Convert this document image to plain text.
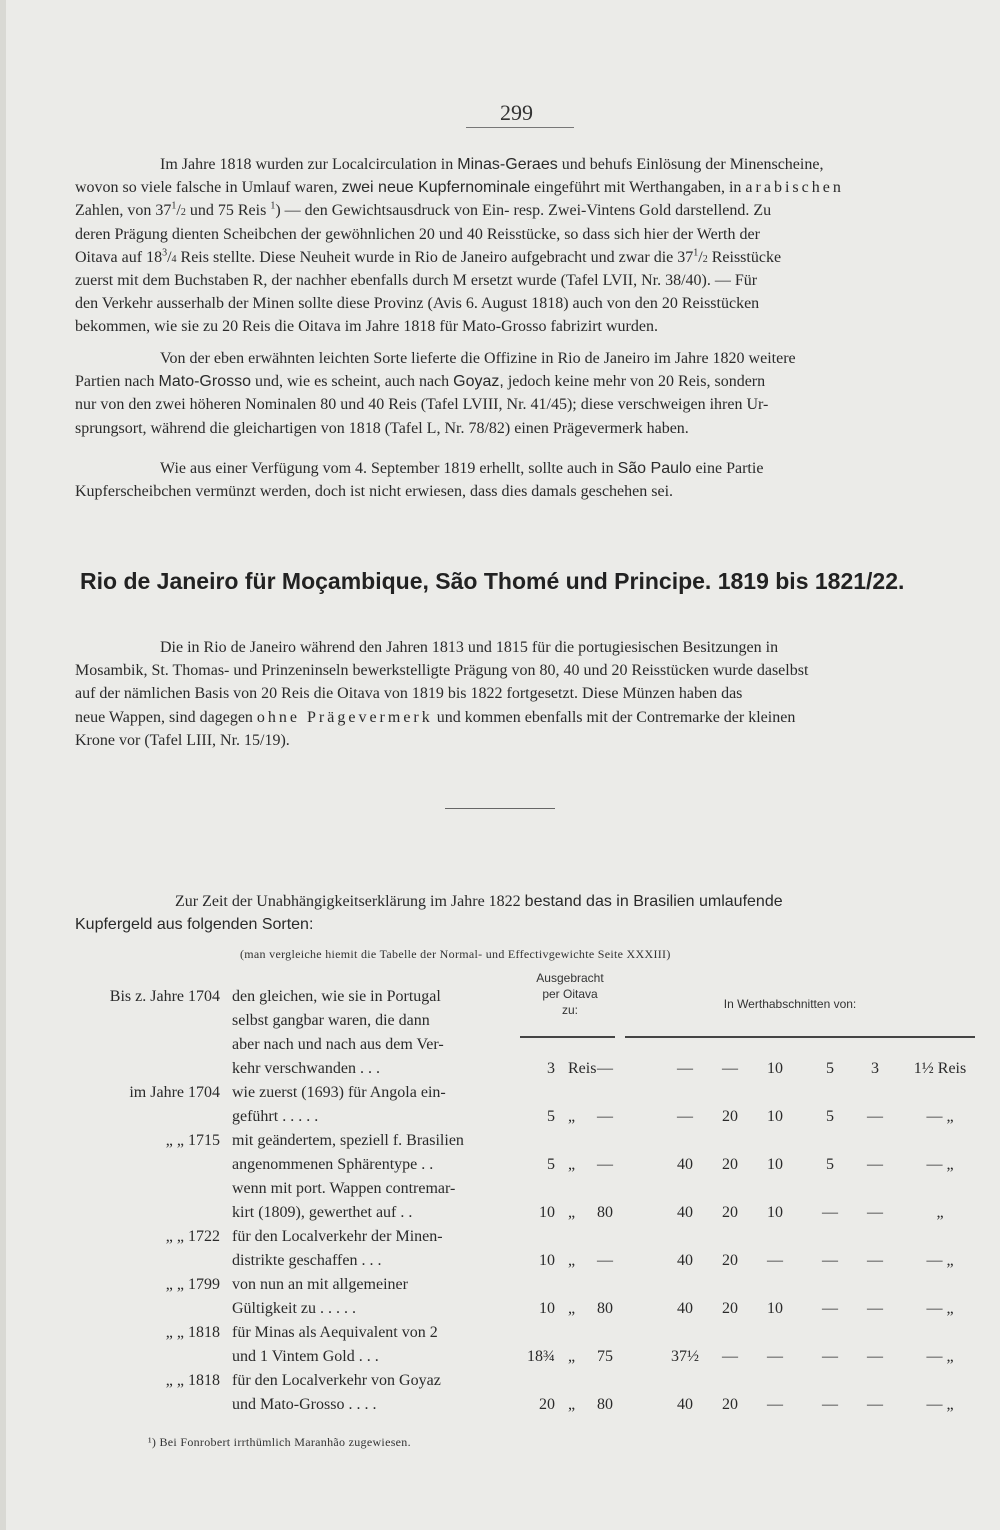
299
Im Jahre 1818 wurden zur Localcirculation in Minas-Geraes und behufs Einlösung der Minenscheine,
wovon so viele falsche in Umlauf waren, zwei neue Kupfernominale eingeführt mit Werthangaben, in arabischen
Zahlen, von $37^1/2$ und 75 Reis $^1$) — den Gewichtsausdruck von Ein- resp. Zwei-Vintens Gold darstellend. Zu
deren Prägung dienten Scheibchen der gewöhnlichen 20 und 40 Reisstücke, so dass sich hier der Werth der
Oitava auf $18^3/4$ Reis stellte. Diese Neuheit wurde in Rio de Janeiro aufgebracht und zwar die $37^1/2$ Reisstücke
zuerst mit dem Buchstaben R, der nachher ebenfalls durch M ersetzt wurde (Tafel LVII, Nr. 38/40). — Für
den Verkehr ausserhalb der Minen sollte diese Provinz (Avis 6. August 1818) auch von den 20 Reisstücken
bekommen, wie sie zu 20 Reis die Oitava im Jahre 1818 für Mato-Grosso fabrizirt wurden.
Von der eben erwähnten leichten Sorte lieferte die Offizine in Rio de Janeiro im Jahre 1820 weitere
Partien nach Mato-Grosso und, wie es scheint, auch nach Goyaz, jedoch keine mehr von 20 Reis, sondern
nur von den zwei höheren Nominalen 80 und 40 Reis (Tafel LVIII, Nr. 41/45); diese verschweigen ihren Ur-
sprungsort, während die gleichartigen von 1818 (Tafel L, Nr. 78/82) einen Prägevermerk haben.
Wie aus einer Verfügung vom 4. September 1819 erhellt, sollte auch in São Paulo eine Partie
Kupferscheibchen vermünzt werden, doch ist nicht erwiesen, dass dies damals geschehen sei.
Rio de Janeiro für Moçambique, São Thomé und Principe. 1819 bis 1821/22.
Die in Rio de Janeiro während den Jahren 1813 und 1815 für die portugiesischen Besitzungen in
Mosambik, St. Thomas- und Prinzeninseln bewerkstelligte Prägung von 80, 40 und 20 Reisstücken wurde daselbst
auf der nämlichen Basis von 20 Reis die Oitava von 1819 bis 1822 fortgesetzt. Diese Münzen haben das
neue Wappen, sind dagegen ohne Prägevermerk und kommen ebenfalls mit der Contremarke der kleinen
Krone vor (Tafel LIII, Nr. 15/19).
Zur Zeit der Unabhängigkeitserklärung im Jahre 1822 bestand das in Brasilien umlaufende
Kupfergeld aus folgenden Sorten:
(man vergleiche hiemit die Tabelle der Normal- und Effectivgewichte Seite XXXIII)
Ausgebracht
per Oitava
zu:	In Werthabschnitten von:
Bis z. Jahre 1704 den gleichen, wie sie in Portugal
selbst gangbar waren, die dann
aber nach und nach aus dem Ver-
kehr verschwanden . . .	3 Reis —	—	—	10	5	3	1½ Reis
im Jahre 1704 wie zuerst (1693) für Angola ein-
geführt . . . . .	5 „	—	—	20	10	5	—	— „
„ „ 1715 mit geändertem, speziell f. Brasilien
angenommenen Sphärentype . .	5 „	—	40	20	10	5	—	— „
wenn mit port. Wappen contremar-
kirt (1809), gewerthet auf . .	10 „	80	40	20	10	—	—	„
„ „ 1722 für den Localverkehr der Minen-
distrikte geschaffen . . .	10 „	—	40	20	—	—	—	— „
„ „ 1799 von nun an mit allgemeiner
Gültigkeit zu . . . . .	10 „	80	40	20	10	—	—	— „
„ „ 1818 für Minas als Aequivalent von 2
und 1 Vintem Gold . . .	18¾ „	75	37½	—	—	—	—	— „
„ „ 1818 für den Localverkehr von Goyaz
und Mato-Grosso . . . .	20 „	80	40	20	—	—	—	— „
¹) Bei Fonrobert irrthümlich Maranhão zugewiesen.
